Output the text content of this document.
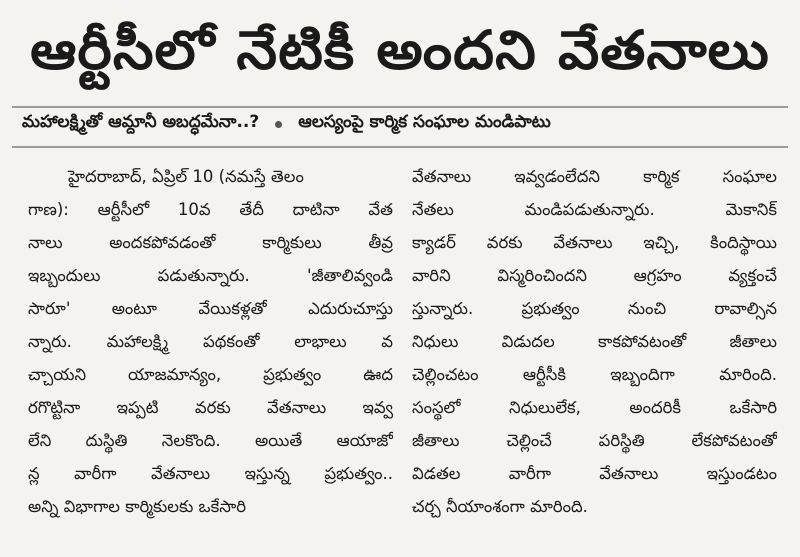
ఆర్టీసీలో నేటికీ అందని వేతనాలు
మహాలక్ష్మితో ఆమ్దానీ అబద్ధమేనా..? ఆలస్యంపై కార్మిక సంఘాల మండిపాటు
హైదరాబాద్, ఏప్రిల్ 10 (నమస్తే తెలం
గాణ): ఆర్టీసీలో 10వ తేదీ దాటినా వేత
నాలు అందకపోవడంతో కార్మికులు తీవ్ర
ఇబ్బందులు పడుతున్నారు. 'జీతాలివ్వండి
సారూ' అంటూ వేయికళ్లతో ఎదురుచూస్తు
న్నారు. మహాలక్ష్మి పథకంతో లాభాలు వ
చ్చాయని యాజమాన్యం, ప్రభుత్వం ఊద
రగొట్టినా ఇప్పటి వరకు వేతనాలు ఇవ్వ
లేని దుస్థితి నెలకొంది. అయితే ఆయాజో
న్ల వారీగా వేతనాలు ఇస్తున్న ప్రభుత్వం..
అన్ని విభాగాల కార్మికులకు ఒకేసారి
వేతనాలు ఇవ్వడంలేదని కార్మిక సంఘాల
నేతలు మండిపడుతున్నారు. మెకానిక్
క్యాడర్ వరకు వేతనాలు ఇచ్చి, కిందిస్థాయి
వారిని విస్మరించిందని ఆగ్రహం వ్యక్తంచే
స్తున్నారు. ప్రభుత్వం నుంచి రావాల్సిన
నిధులు విడుదల కాకపోవటంతో జీతాలు
చెల్లించటం ఆర్టీసీకి ఇబ్బందిగా మారింది.
సంస్థలో నిధులులేక, అందరికీ ఒకేసారి
జీతాలు చెల్లించే పరిస్థితి లేకపోవటంతో
విడతల వారీగా వేతనాలు ఇస్తుండటం
చర్చ నీయాంశంగా మారింది.
